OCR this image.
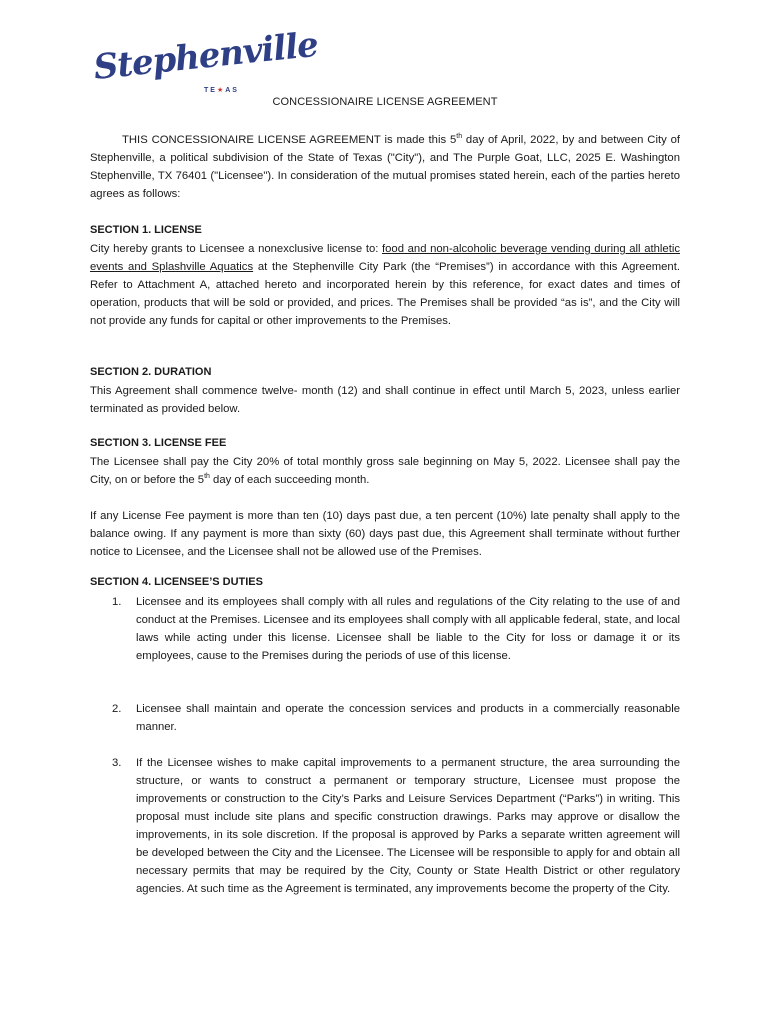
Stephenville
TE★AS
CONCESSIONAIRE LICENSE AGREEMENT
THIS CONCESSIONAIRE LICENSE AGREEMENT is made this 5th day of April, 2022, by and between City of Stephenville, a political subdivision of the State of Texas ("City"), and The Purple Goat, LLC, 2025 E. Washington Stephenville, TX 76401 ("Licensee"). In consideration of the mutual promises stated herein, each of the parties hereto agrees as follows:
SECTION 1. LICENSE
City hereby grants to Licensee a nonexclusive license to: food and non-alcoholic beverage vending during all athletic events and Splashville Aquatics at the Stephenville City Park (the “Premises”) in accordance with this Agreement. Refer to Attachment A, attached hereto and incorporated herein by this reference, for exact dates and times of operation, products that will be sold or provided, and prices. The Premises shall be provided “as is”, and the City will not provide any funds for capital or other improvements to the Premises.
SECTION 2. DURATION
This Agreement shall commence twelve- month (12) and shall continue in effect until March 5, 2023, unless earlier terminated as provided below.
SECTION 3. LICENSE FEE
The Licensee shall pay the City 20% of total monthly gross sale beginning on May 5, 2022. Licensee shall pay the City, on or before the 5th day of each succeeding month.
If any License Fee payment is more than ten (10) days past due, a ten percent (10%) late penalty shall apply to the balance owing. If any payment is more than sixty (60) days past due, this Agreement shall terminate without further notice to Licensee, and the Licensee shall not be allowed use of the Premises.
SECTION 4. LICENSEE’S DUTIES
1. Licensee and its employees shall comply with all rules and regulations of the City relating to the use of and conduct at the Premises. Licensee and its employees shall comply with all applicable federal, state, and local laws while acting under this license. Licensee shall be liable to the City for loss or damage it or its employees, cause to the Premises during the periods of use of this license.
2. Licensee shall maintain and operate the concession services and products in a commercially reasonable manner.
3. If the Licensee wishes to make capital improvements to a permanent structure, the area surrounding the structure, or wants to construct a permanent or temporary structure, Licensee must propose the improvements or construction to the City’s Parks and Leisure Services Department (“Parks”) in writing. This proposal must include site plans and specific construction drawings. Parks may approve or disallow the improvements, in its sole discretion. If the proposal is approved by Parks a separate written agreement will be developed between the City and the Licensee. The Licensee will be responsible to apply for and obtain all necessary permits that may be required by the City, County or State Health District or other regulatory agencies. At such time as the Agreement is terminated, any improvements become the property of the City.
